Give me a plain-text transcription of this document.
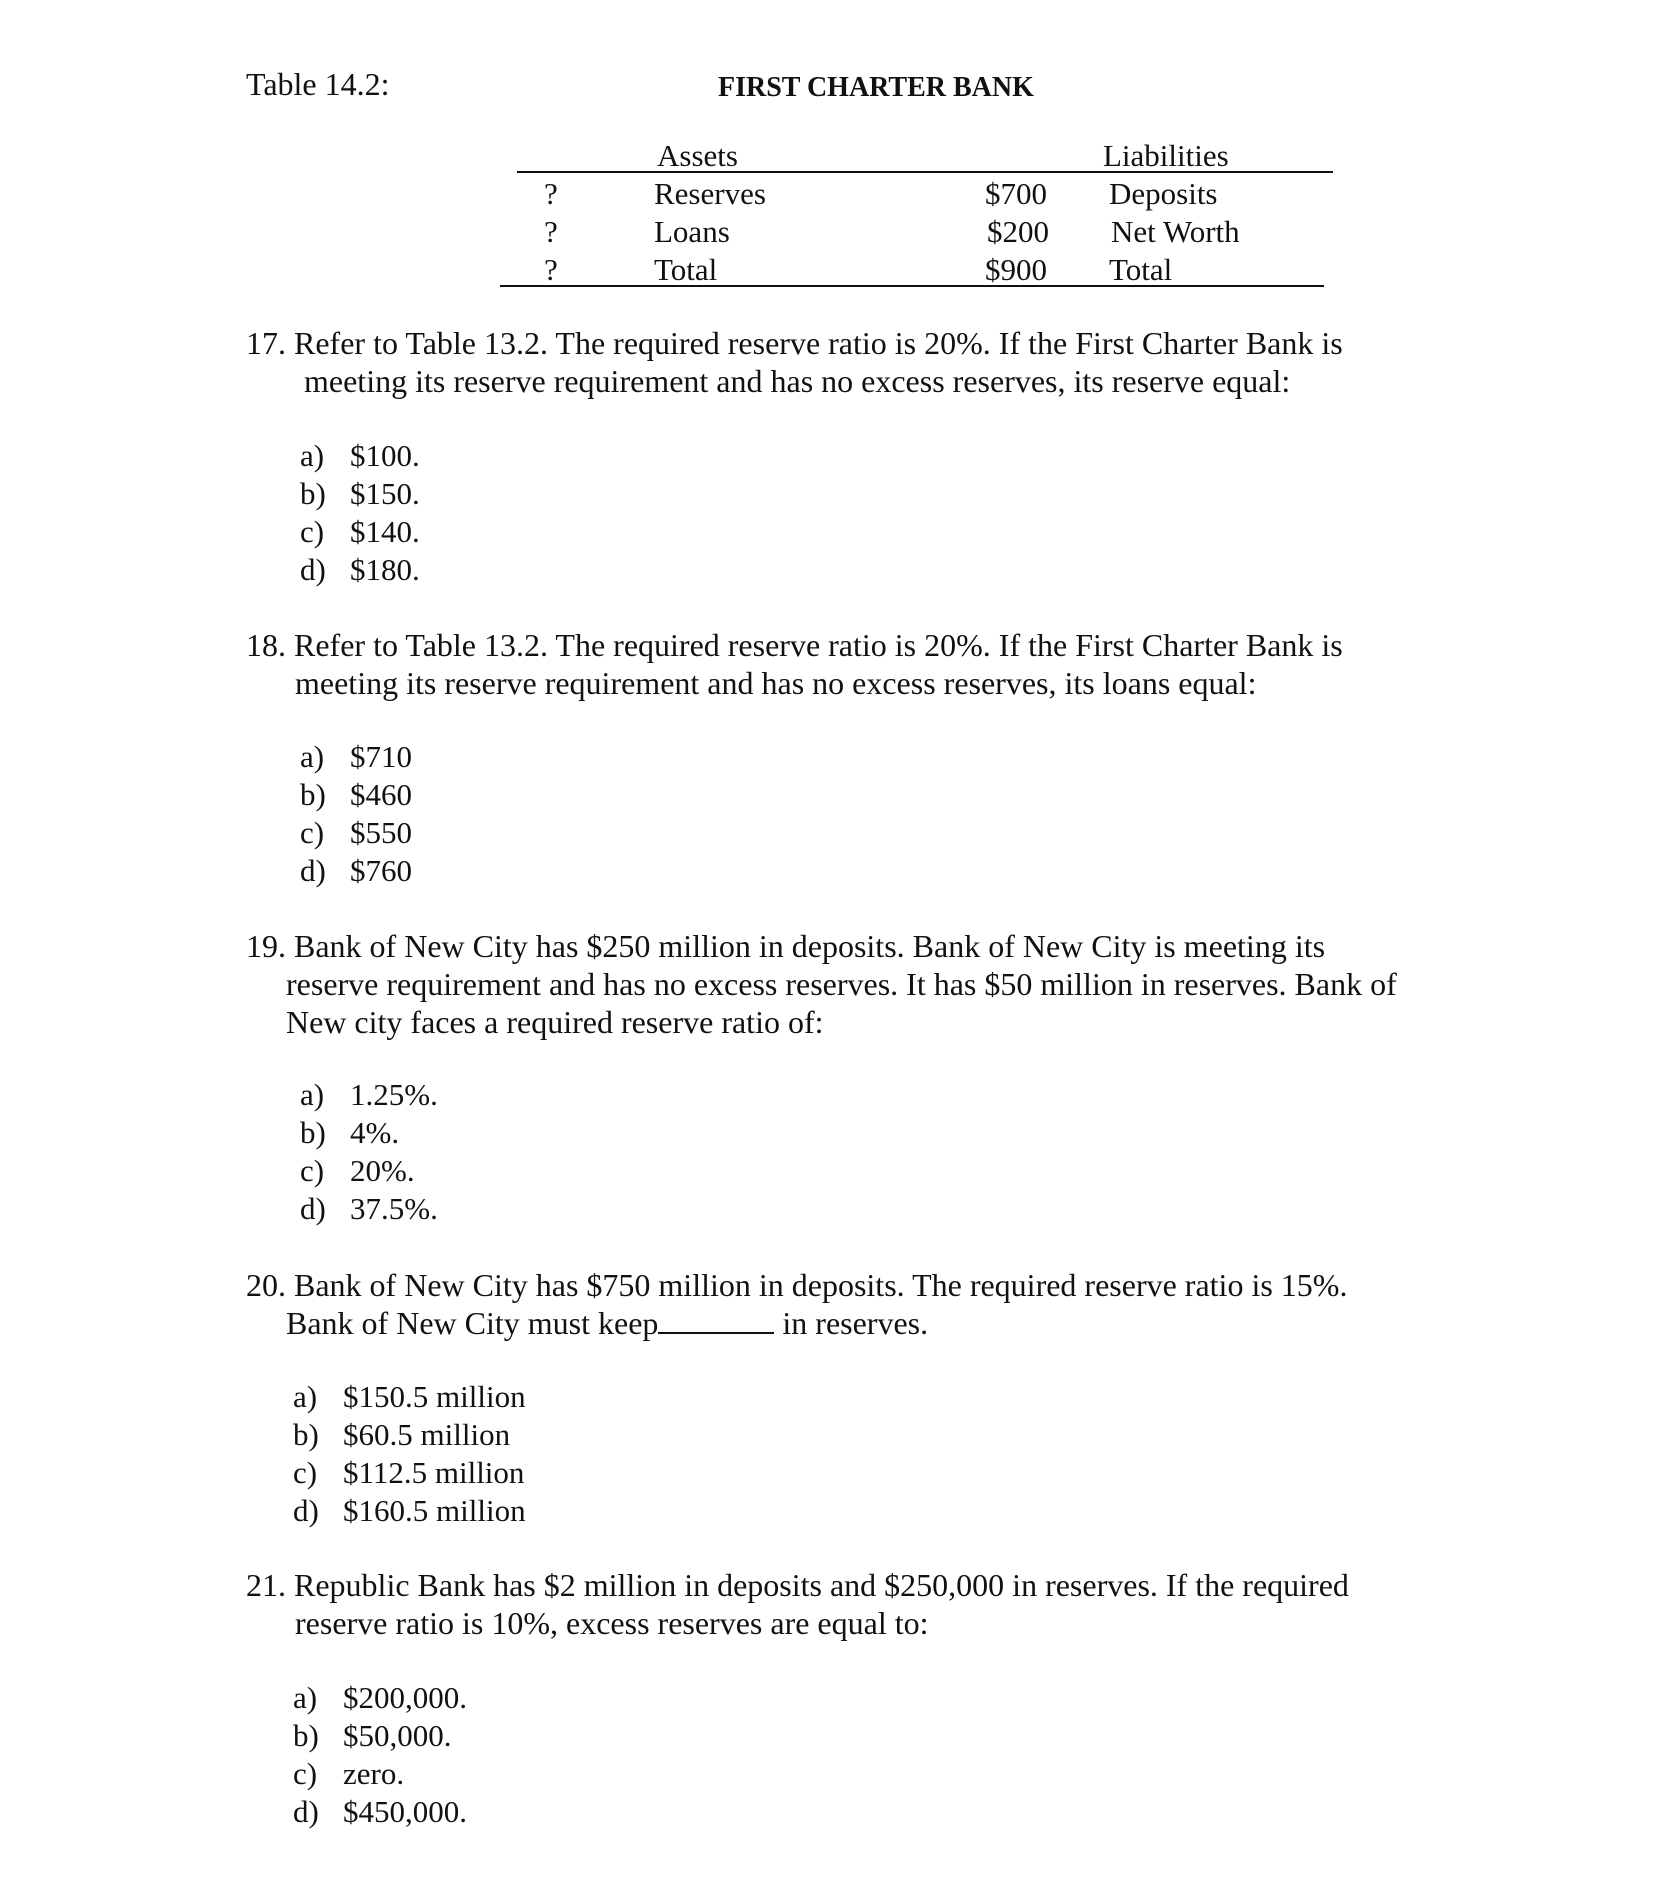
Table 14.2:	FIRST CHARTER BANK
Assets	Liabilities
?	Reserves	$700 Deposits
?	Loans	$200 Net Worth
?	Total	$900 Total
17. Refer to Table 13.2. The required reserve ratio is 20%. If the First Charter Bank is
meeting its reserve requirement and has no excess reserves, its reserve equal:
a) $100.
b) $150.
c) $140.
d) $180.
18. Refer to Table 13.2. The required reserve ratio is 20%. If the First Charter Bank is
meeting its reserve requirement and has no excess reserves, its loans equal:
a) $710
b) $460
c) $550
d) $760
19. Bank of New City has $250 million in deposits. Bank of New City is meeting its
reserve requirement and has no excess reserves. It has $50 million in reserves. Bank of
New city faces a required reserve ratio of:
a) 1.25%.
b) 4%.
c) 20%.
d) 37.5%.
20. Bank of New City has $750 million in deposits. The required reserve ratio is 15%.
Bank of New City must keep	in reserves.
a) $150.5 million
b) $60.5 million
c) $112.5 million
d) $160.5 million
21. Republic Bank has $2 million in deposits and $250,000 in reserves. If the required
reserve ratio is 10%, excess reserves are equal to:
a) $200,000.
b) $50,000.
c) zero.
d) $450,000.
